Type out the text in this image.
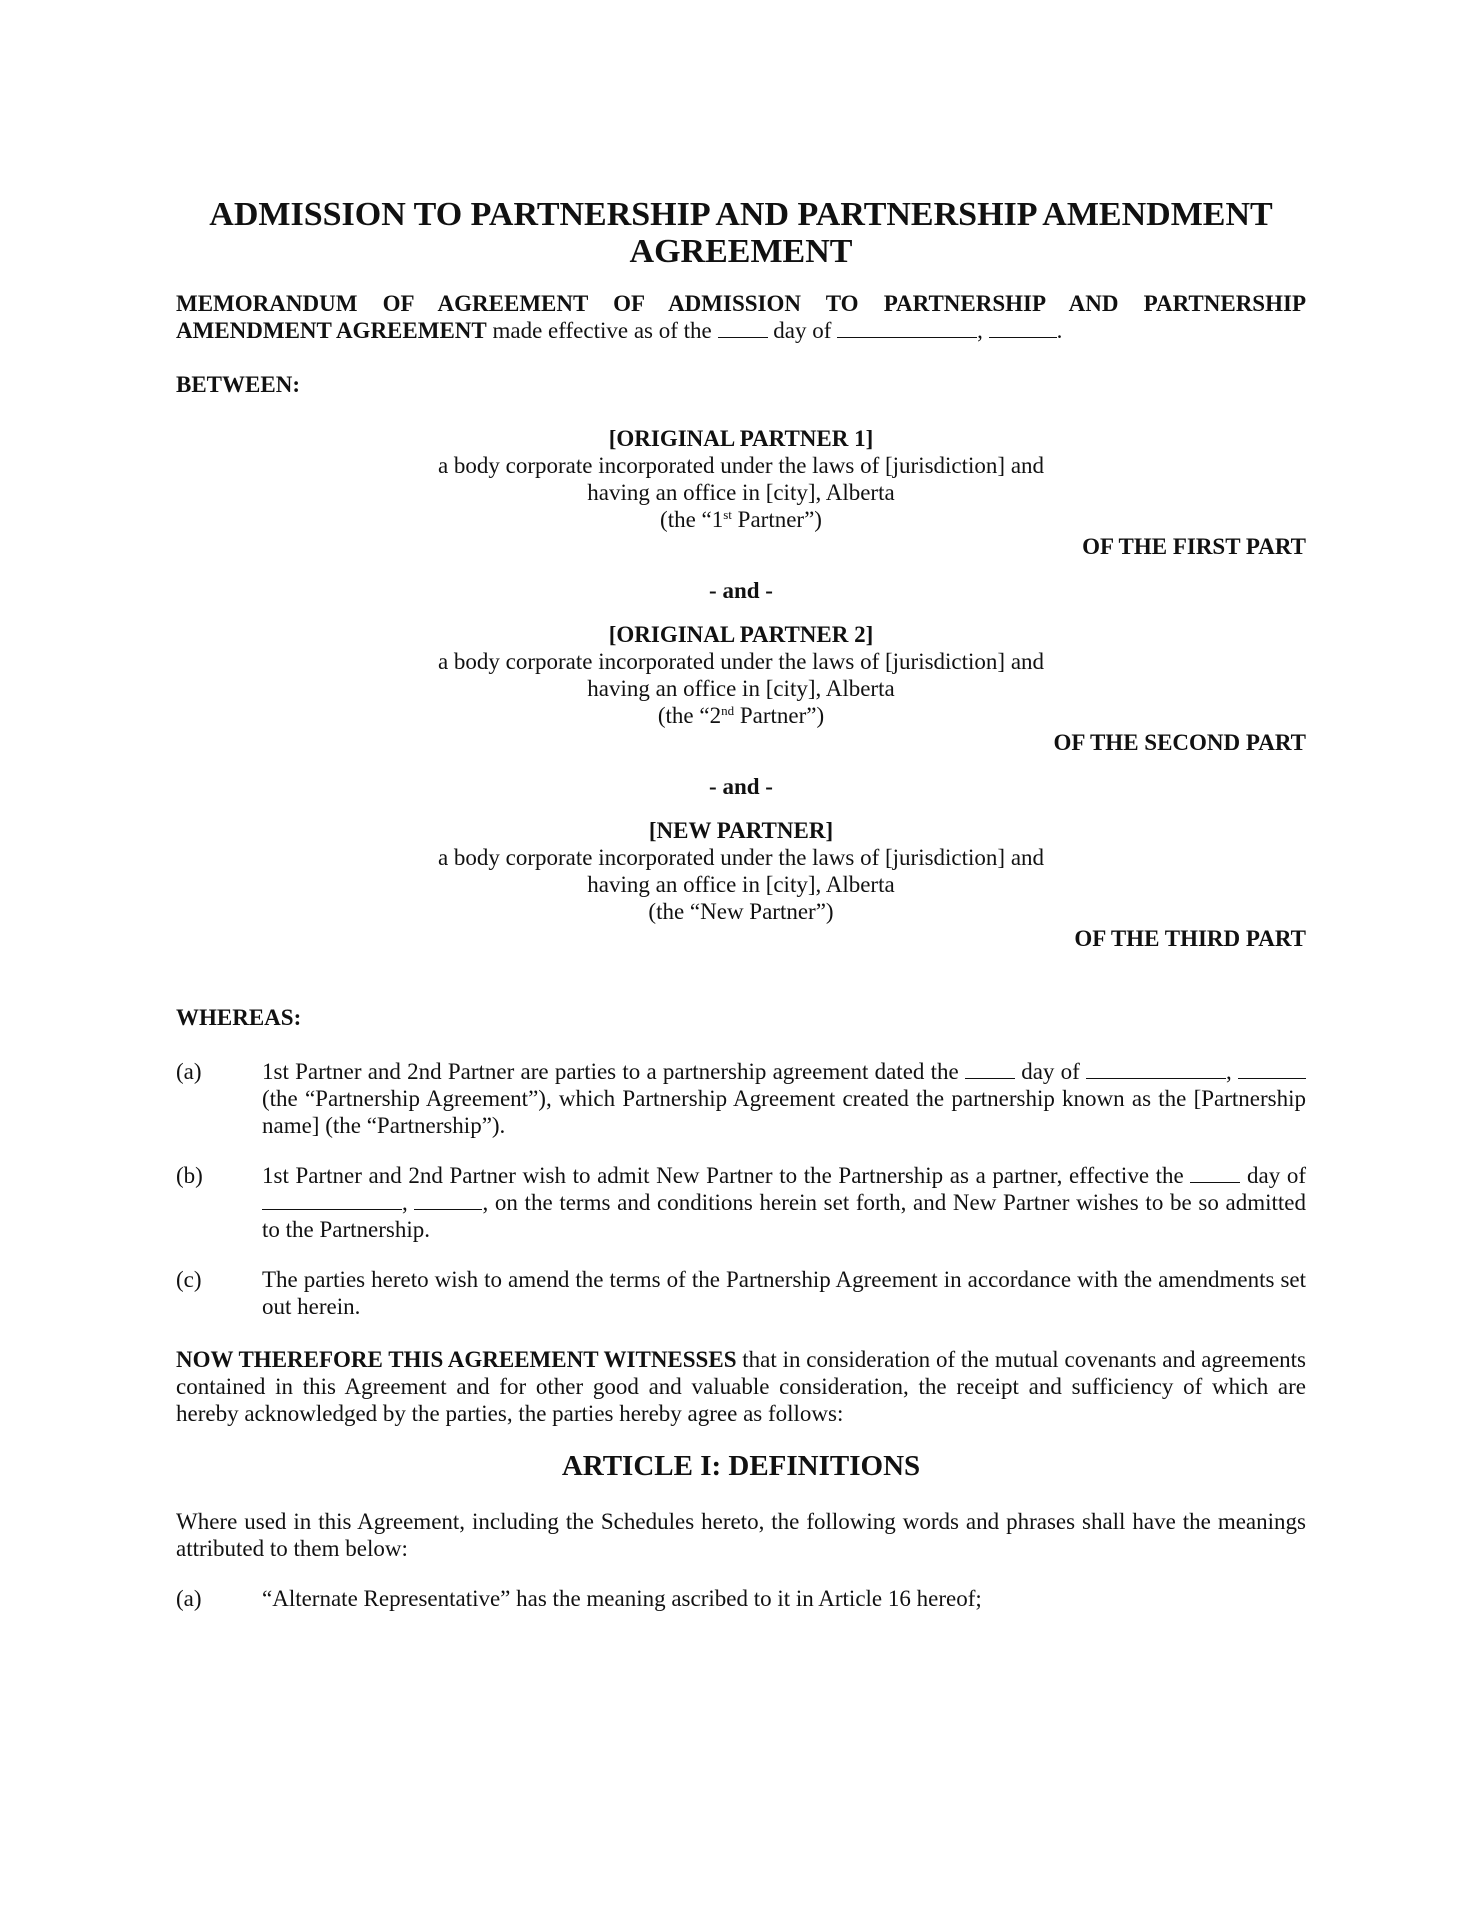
ADMISSION TO PARTNERSHIP AND PARTNERSHIP AMENDMENT
AGREEMENT

MEMORANDUM OF AGREEMENT OF ADMISSION TO PARTNERSHIP AND PARTNERSHIP AMENDMENT AGREEMENT made effective as of the  day of	,	.

BETWEEN:

[ORIGINAL PARTNER 1]
a body corporate incorporated under the laws of [jurisdiction] and
having an office in [city], Alberta
(the “1st Partner”)

OF THE FIRST PART

- and -

[ORIGINAL PARTNER 2]
a body corporate incorporated under the laws of [jurisdiction] and
having an office in [city], Alberta
(the “2nd Partner”)

OF THE SECOND PART

- and -

[NEW PARTNER]
a body corporate incorporated under the laws of [jurisdiction] and
having an office in [city], Alberta
(the “New Partner”)

OF THE THIRD PART

WHEREAS:

(a)	1st Partner and 2nd Partner are parties to a partnership agreement dated the  day of	,  (the “Partnership Agreement”), which Partnership Agreement created the partnership known as the [Partnership name] (the “Partnership”).
(b)	1st Partner and 2nd Partner wish to admit New Partner to the Partnership as a partner, effective the  day of ,	, on the terms and conditions herein set forth, and New Partner wishes to be so admitted to the Partnership.
(c)	The parties hereto wish to amend the terms of the Partnership Agreement in accordance with the amendments set out herein.

NOW THEREFORE THIS AGREEMENT WITNESSES that in consideration of the mutual covenants and agreements contained in this Agreement and for other good and valuable consideration, the receipt and sufficiency of which are hereby acknowledged by the parties, the parties hereby agree as follows:

ARTICLE I: DEFINITIONS

Where used in this Agreement, including the Schedules hereto, the following words and phrases shall have the meanings attributed to them below:

(a)	“Alternate Representative” has the meaning ascribed to it in Article 16 hereof;
